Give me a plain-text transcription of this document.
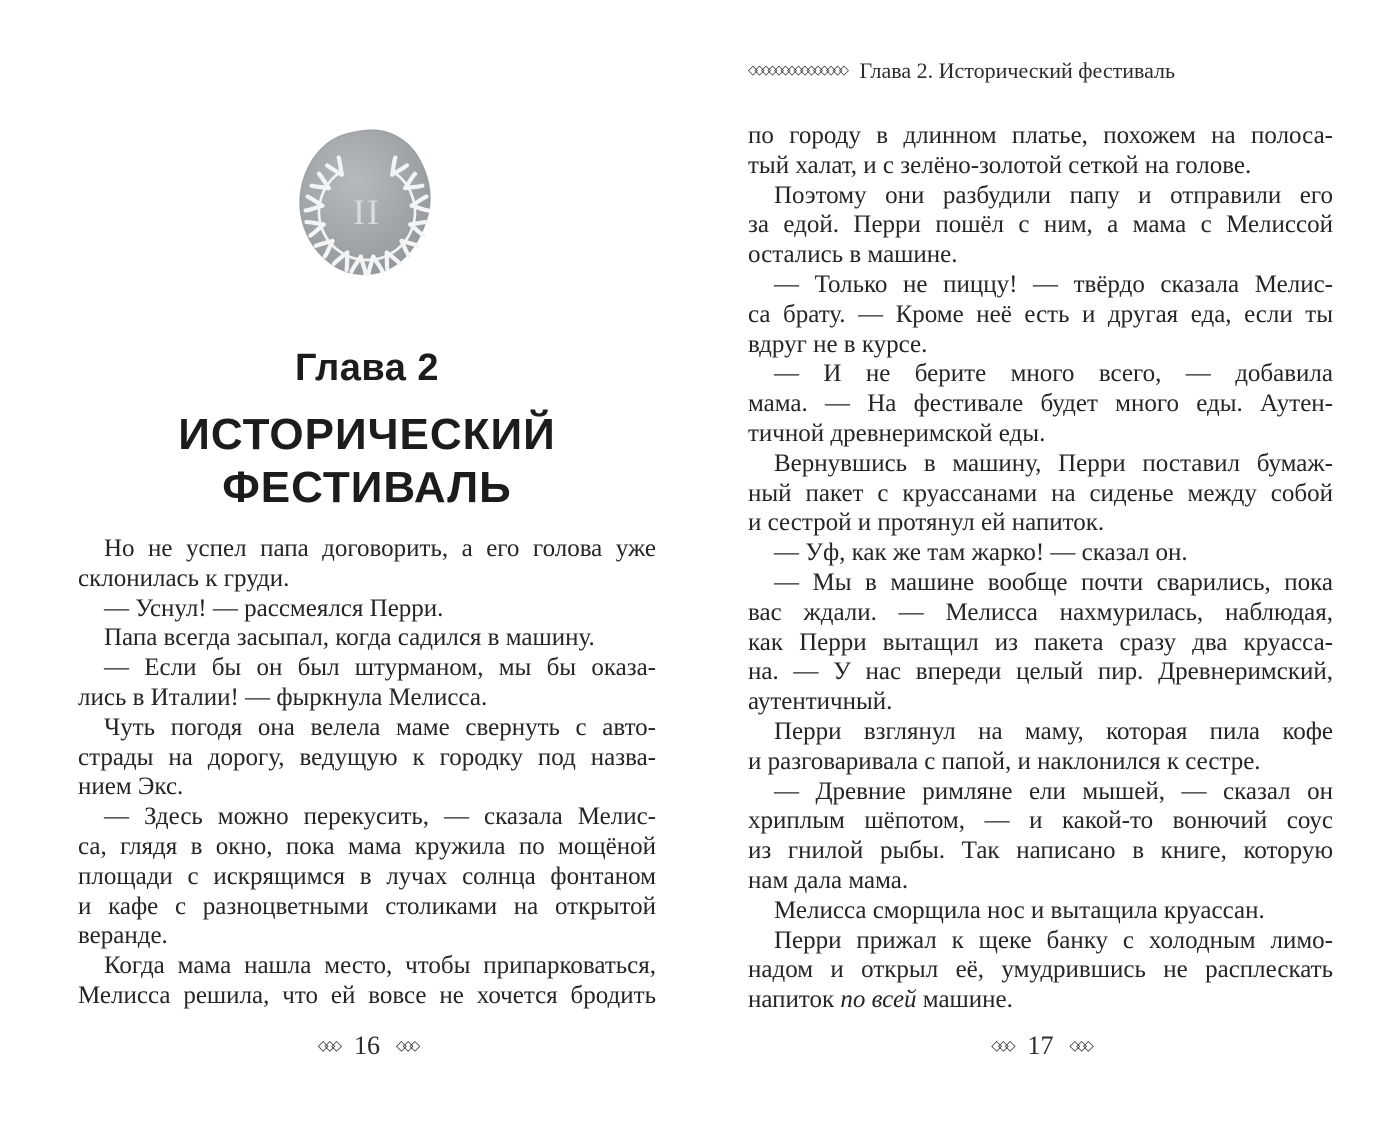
II
Глава 2
ИСТОРИЧЕСКИЙ ФЕСТИВАЛЬ
Но не успел папа договорить, а его голова уже
склонилась к груди.
— Уснул! — рассмеялся Перри.
Папа всегда засыпал, когда садился в машину.
— Если бы он был штурманом, мы бы оказа-
лись в Италии! — фыркнула Мелисса.
Чуть погодя она велела маме свернуть с авто-
страды на дорогу, ведущую к городку под назва-
нием Экс.
— Здесь можно перекусить, — сказала Мелис-
са, глядя в окно, пока мама кружила по мощёной
площади с искрящимся в лучах солнца фонтаном
и кафе с разноцветными столиками на открытой
веранде.
Когда мама нашла место, чтобы припарковаться,
Мелисса решила, что ей вовсе не хочется бродить
◇◇◇ 16 ◇◇◇
◇◇◇◇◇◇◇◇◇◇◇◇◇◇◇ Глава 2. Исторический фестиваль
по городу в длинном платье, похожем на полоса-
тый халат, и с зелёно-золотой сеткой на голове.
Поэтому они разбудили папу и отправили его
за едой. Перри пошёл с ним, а мама с Мелиссой
остались в машине.
— Только не пиццу! — твёрдо сказала Мелис-
са брату. — Кроме неё есть и другая еда, если ты
вдруг не в курсе.
— И не берите много всего, — добавила
мама. — На фестивале будет много еды. Аутен-
тичной древнеримской еды.
Вернувшись в машину, Перри поставил бумаж-
ный пакет с круассанами на сиденье между собой
и сестрой и протянул ей напиток.
— Уф, как же там жарко! — сказал он.
— Мы в машине вообще почти сварились, пока
вас ждали. — Мелисса нахмурилась, наблюдая,
как Перри вытащил из пакета сразу два круасса-
на. — У нас впереди целый пир. Древнеримский,
аутентичный.
Перри взглянул на маму, которая пила кофе
и разговаривала с папой, и наклонился к сестре.
— Древние римляне ели мышей, — сказал он
хриплым шёпотом, — и какой-то вонючий соус
из гнилой рыбы. Так написано в книге, которую
нам дала мама.
Мелисса сморщила нос и вытащила круассан.
Перри прижал к щеке банку с холодным лимо-
надом и открыл её, умудрившись не расплескать
напиток по всей машине.
◇◇◇ 17 ◇◇◇
